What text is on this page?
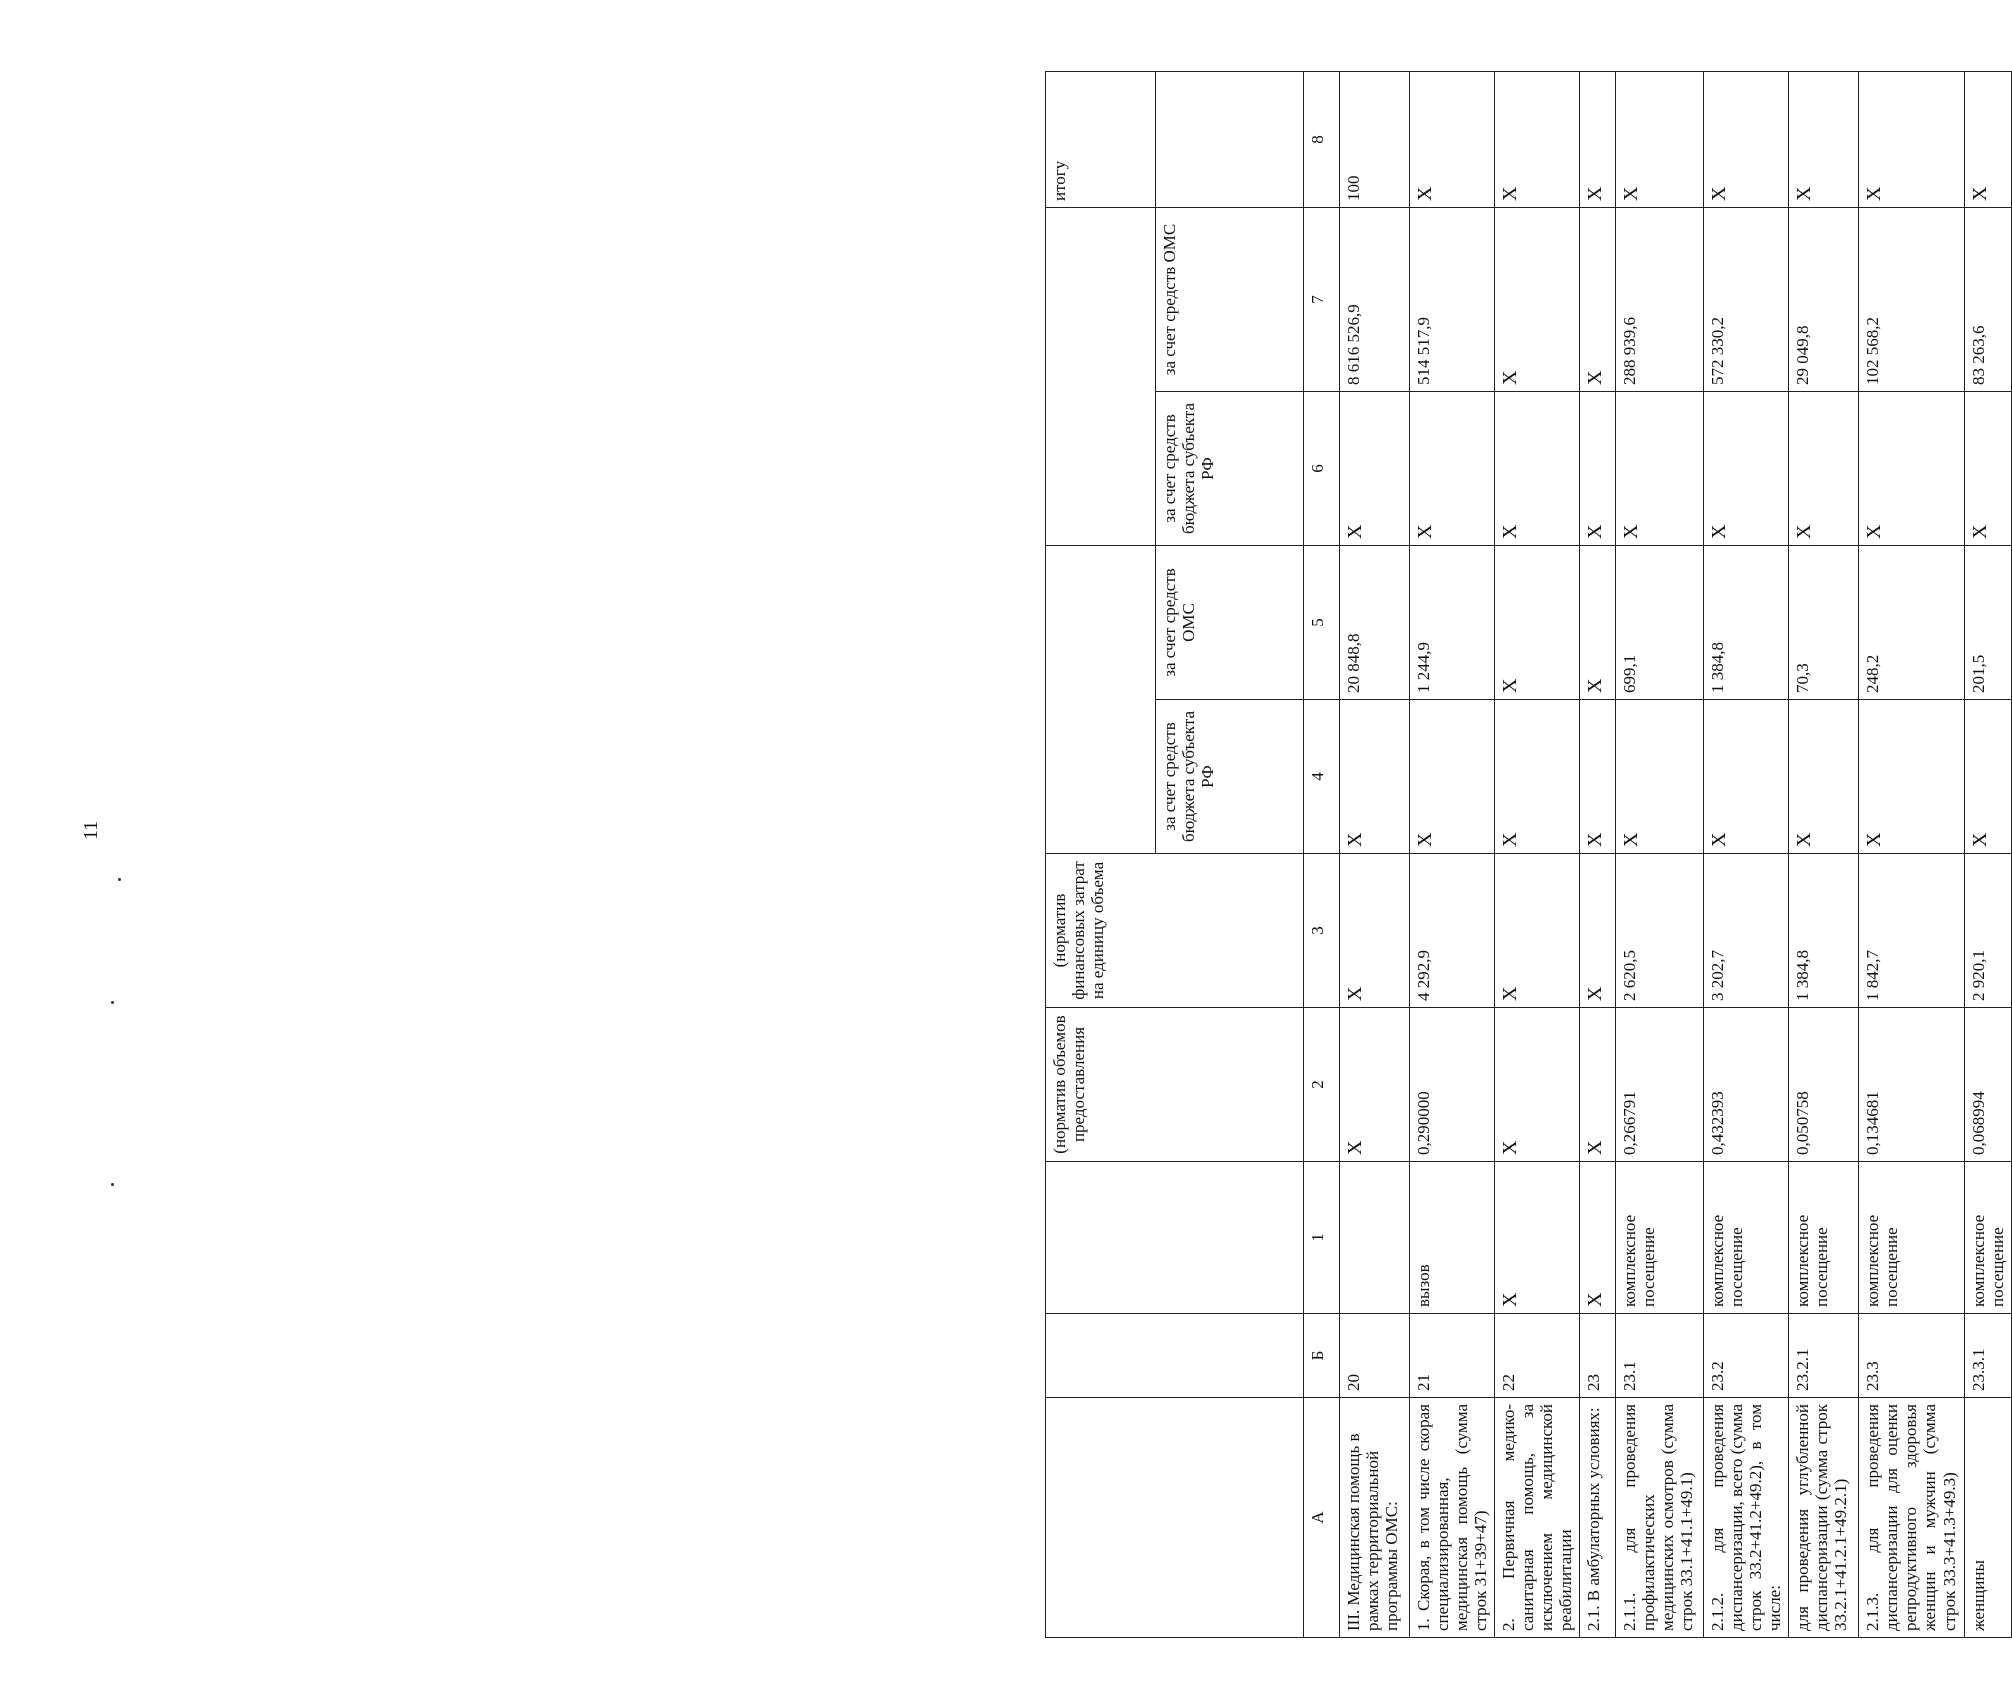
11
			(норматив объемов предоставления	(норматив финансовых затрат на единицу объема					итогу
					за счет средств бюджета субъекта РФ	за счет средств ОМС	за счет средств бюджета субъекта РФ	за счет средств ОМС	
А	Б	1	2	3	4	5	6	7	8
III. Медицинская помощь в рамках территориальной программы ОМС:	20		Х	Х	Х	20 848,8	Х	8 616 526,9	100
1. Скорая, в том числе скорая специализированная, медицинская помощь (сумма строк 31+39+47)	21	вызов	0,290000	4 292,9	Х	1 244,9	Х	514 517,9	Х
2. Первичная медико-санитарная помощь, за исключением медицинской реабилитации	22	Х	Х	Х	Х	Х	Х	Х	Х
2.1. В амбулаторных условиях:	23	Х	Х	Х	Х	Х	Х	Х	Х
2.1.1. для проведения профилактических медицинских осмотров (сумма строк 33.1+41.1+49.1)	23.1	комплексное посещение	0,266791	2 620,5	Х	699,1	Х	288 939,6	Х
2.1.2. для проведения диспансеризации, всего (сумма строк 33.2+41.2+49.2), в том числе:	23.2	комплексное посещение	0,432393	3 202,7	Х	1 384,8	Х	572 330,2	Х
для проведения углубленной диспансеризации (сумма строк 33.2.1+41.2.1+49.2.1)	23.2.1	комплексное посещение	0,050758	1 384,8	Х	70,3	Х	29 049,8	Х
2.1.3. для проведения диспансеризации для оценки репродуктивного здоровья женщин и мужчин (сумма строк 33.3+41.3+49.3)	23.3	комплексное посещение	0,134681	1 842,7	Х	248,2	Х	102 568,2	Х
женщины	23.3.1	комплексное посещение	0,068994	2 920,1	Х	201,5	Х	83 263,6	Х
